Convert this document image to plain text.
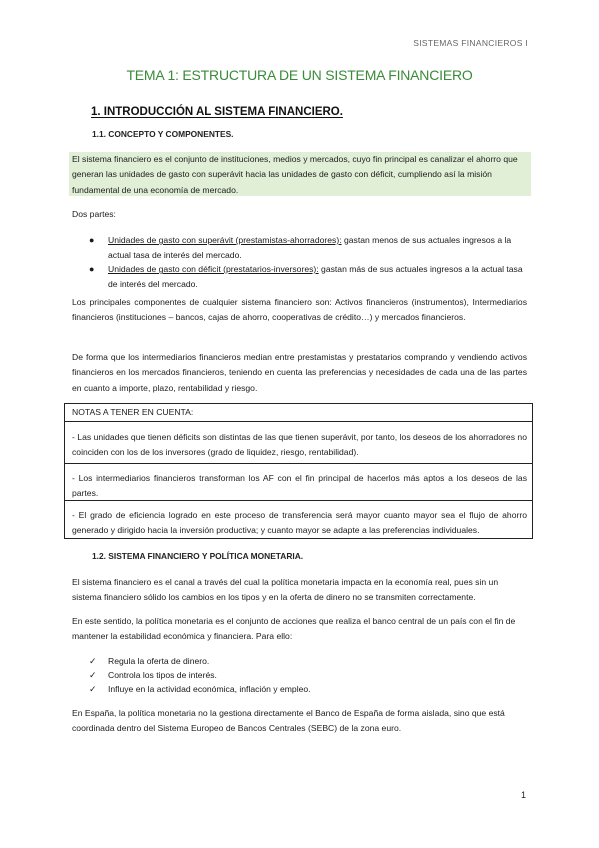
SISTEMAS FINANCIEROS I
TEMA 1: ESTRUCTURA DE UN SISTEMA FINANCIERO
1. INTRODUCCIÓN AL SISTEMA FINANCIERO.
1.1. CONCEPTO Y COMPONENTES.
El sistema financiero es el conjunto de instituciones, medios y mercados, cuyo fin principal es canalizar el ahorro que generan las unidades de gasto con superávit hacia las unidades de gasto con déficit, cumpliendo así la misión fundamental de una economía de mercado.
Dos partes:
● Unidades de gasto con superávit (prestamistas-ahorradores): gastan menos de sus actuales ingresos a la actual tasa de interés del mercado.
● Unidades de gasto con déficit (prestatarios-inversores): gastan más de sus actuales ingresos a la actual tasa de interés del mercado.
Los principales componentes de cualquier sistema financiero son: Activos financieros (instrumentos), Intermediarios financieros (instituciones – bancos, cajas de ahorro, cooperativas de crédito…) y mercados financieros.
De forma que los intermediarios financieros median entre prestamistas y prestatarios comprando y vendiendo activos financieros en los mercados financieros, teniendo en cuenta las preferencias y necesidades de cada una de las partes en cuanto a importe, plazo, rentabilidad y riesgo.
NOTAS A TENER EN CUENTA:
- Las unidades que tienen déficits son distintas de las que tienen superávit, por tanto, los deseos de los ahorradores no coinciden con los de los inversores (grado de liquidez, riesgo, rentabilidad).
- Los intermediarios financieros transforman los AF con el fin principal de hacerlos más aptos a los deseos de las partes.
- El grado de eficiencia logrado en este proceso de transferencia será mayor cuanto mayor sea el flujo de ahorro generado y dirigido hacia la inversión productiva; y cuanto mayor se adapte a las preferencias individuales.
1.2. SISTEMA FINANCIERO Y POLÍTICA MONETARIA.
El sistema financiero es el canal a través del cual la política monetaria impacta en la economía real, pues sin un sistema financiero sólido los cambios en los tipos y en la oferta de dinero no se transmiten correctamente.
En este sentido, la política monetaria es el conjunto de acciones que realiza el banco central de un país con el fin de mantener la estabilidad económica y financiera. Para ello:
✓ Regula la oferta de dinero.
✓ Controla los tipos de interés.
✓ Influye en la actividad económica, inflación y empleo.
En España, la política monetaria no la gestiona directamente el Banco de España de forma aislada, sino que está coordinada dentro del Sistema Europeo de Bancos Centrales (SEBC) de la zona euro.
1
